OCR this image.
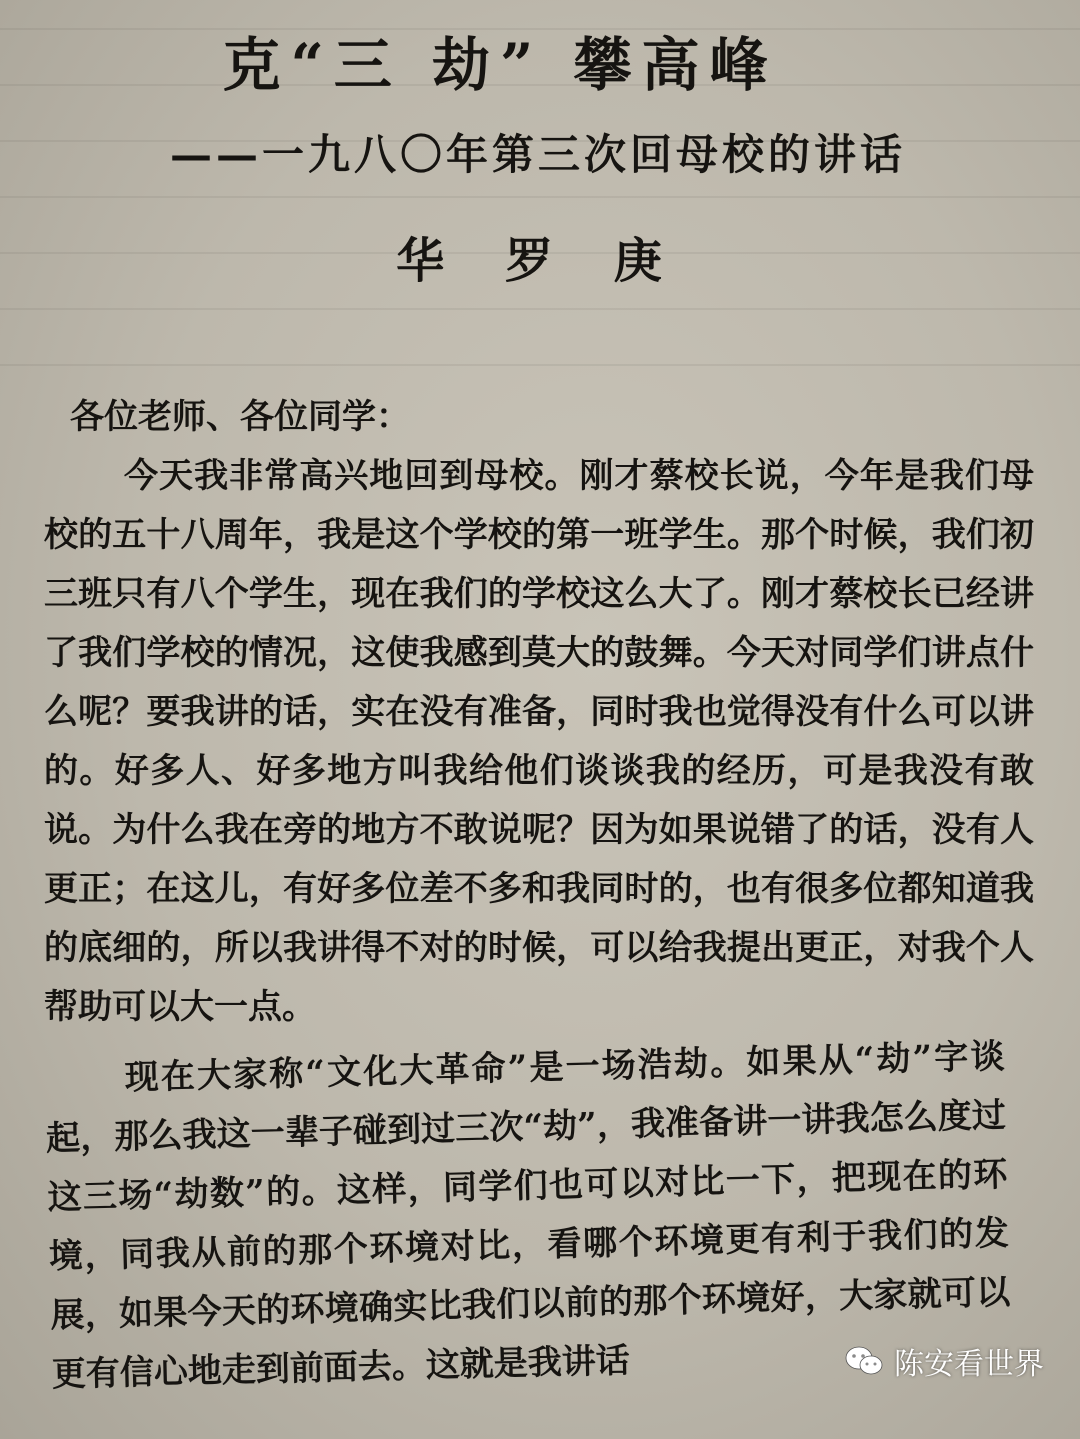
克“三 劫” 攀高峰
——一九八〇年第三次回母校的讲话
华 罗 庚

各位老师、各位同学：

今天我非常高兴地回到母校。刚才蔡校长说，今年是我们母校的五十八周年，我是这个学校的第一班学生。那个时候，我们初三班只有八个学生，现在我们的学校这么大了。刚才蔡校长已经讲了我们学校的情况，这使我感到莫大的鼓舞。今天对同学们讲点什么呢？要我讲的话，实在没有准备，同时我也觉得没有什么可以讲的。好多人、好多地方叫我给他们谈谈我的经历，可是我没有敢说。为什么我在旁的地方不敢说呢？因为如果说错了的话，没有人更正；在这儿，有好多位差不多和我同时的，也有很多位都知道我的底细的，所以我讲得不对的时候，可以给我提出更正，对我个人帮助可以大一点。

现在大家称“文化大革命”是一场浩劫。如果从“劫”字谈起，那么我这一辈子碰到过三次“劫”，我准备讲一讲我怎么度过这三场“劫数”的。这样，同学们也可以对比一下，把现在的环境，同我从前的那个环境对比，看哪个环境更有利于我们的发展，如果今天的环境确实比我们以前的那个环境好，大家就可以更有信心地走到前面去。这就是我讲话	陈安看世界
